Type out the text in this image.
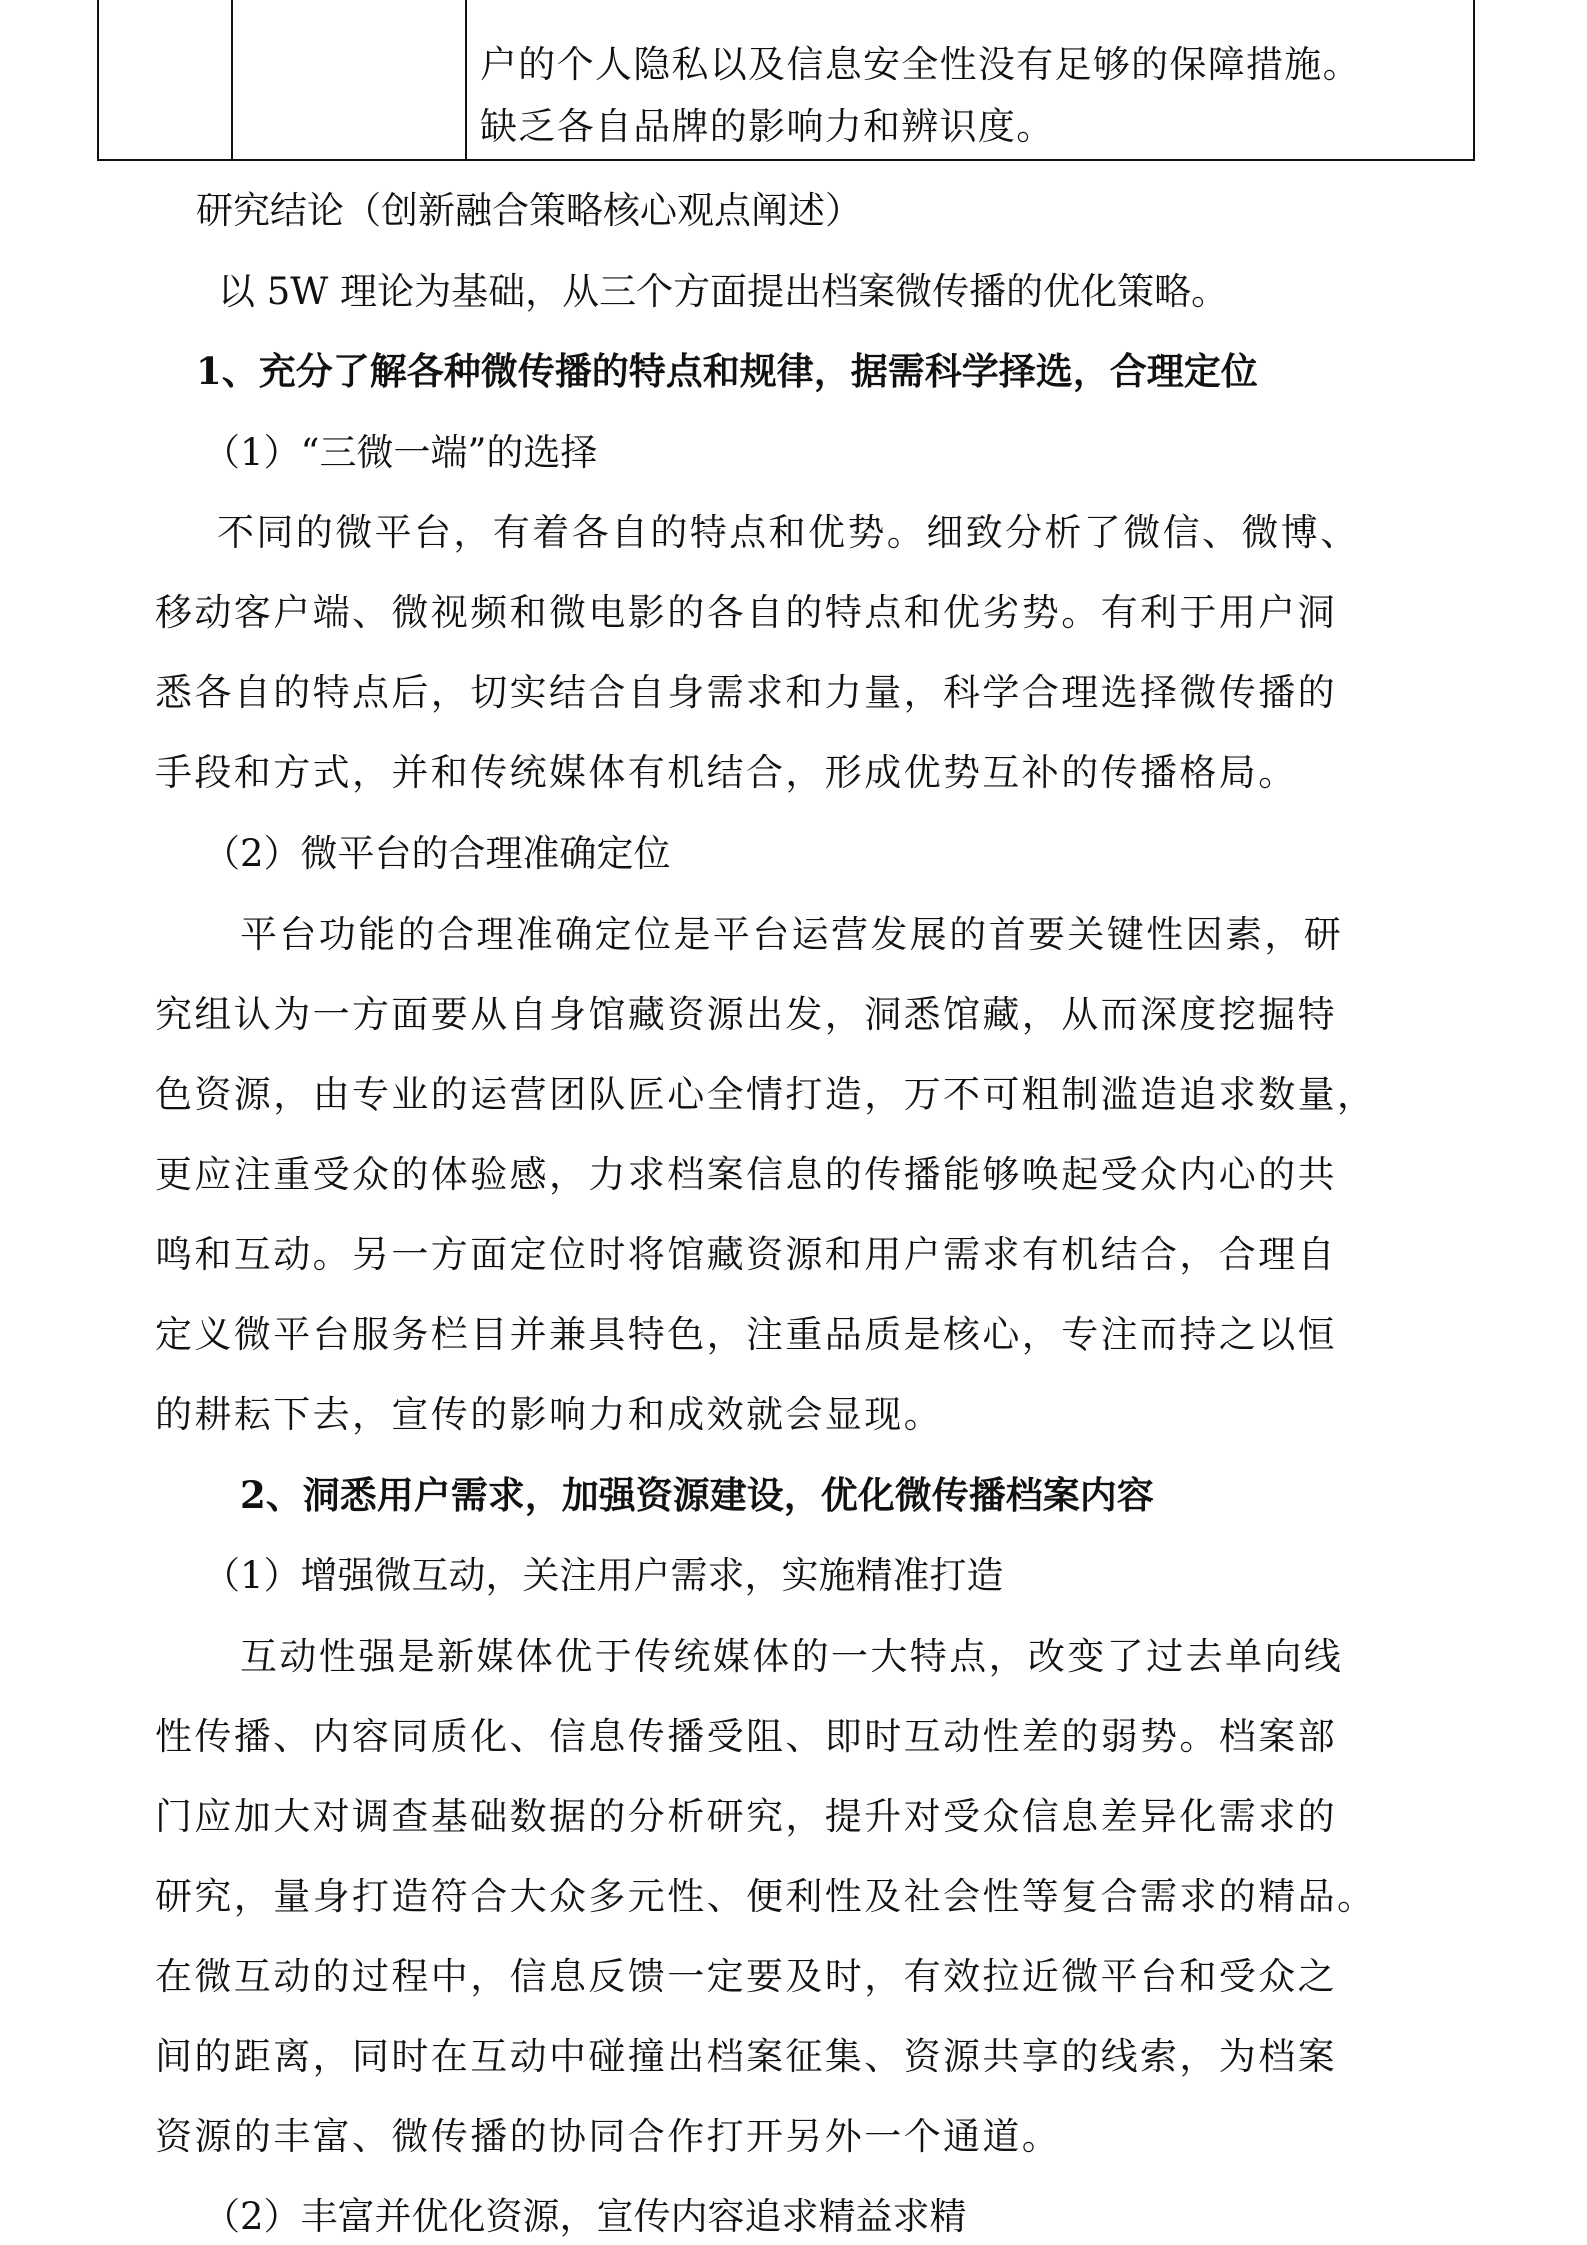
户的个人隐私以及信息安全性没有足够的保障措施。
缺乏各自品牌的影响力和辨识度。
研究结论（创新融合策略核心观点阐述）
以 5W 理论为基础，从三个方面提出档案微传播的优化策略。
1、充分了解各种微传播的特点和规律，据需科学择选，合理定位
（1）“三微一端”的选择
不同的微平台，有着各自的特点和优势。细致分析了微信、微博、
移动客户端、微视频和微电影的各自的特点和优劣势。有利于用户洞
悉各自的特点后，切实结合自身需求和力量，科学合理选择微传播的
手段和方式，并和传统媒体有机结合，形成优势互补的传播格局。
（2）微平台的合理准确定位
平台功能的合理准确定位是平台运营发展的首要关键性因素，研
究组认为一方面要从自身馆藏资源出发，洞悉馆藏，从而深度挖掘特
色资源，由专业的运营团队匠心全情打造，万不可粗制滥造追求数量，
更应注重受众的体验感，力求档案信息的传播能够唤起受众内心的共
鸣和互动。另一方面定位时将馆藏资源和用户需求有机结合，合理自
定义微平台服务栏目并兼具特色，注重品质是核心，专注而持之以恒
的耕耘下去，宣传的影响力和成效就会显现。
2、洞悉用户需求，加强资源建设，优化微传播档案内容
（1）增强微互动，关注用户需求，实施精准打造
互动性强是新媒体优于传统媒体的一大特点，改变了过去单向线
性传播、内容同质化、信息传播受阻、即时互动性差的弱势。档案部
门应加大对调查基础数据的分析研究，提升对受众信息差异化需求的
研究，量身打造符合大众多元性、便利性及社会性等复合需求的精品。
在微互动的过程中，信息反馈一定要及时，有效拉近微平台和受众之
间的距离，同时在互动中碰撞出档案征集、资源共享的线索，为档案
资源的丰富、微传播的协同合作打开另外一个通道。
（2）丰富并优化资源，宣传内容追求精益求精
